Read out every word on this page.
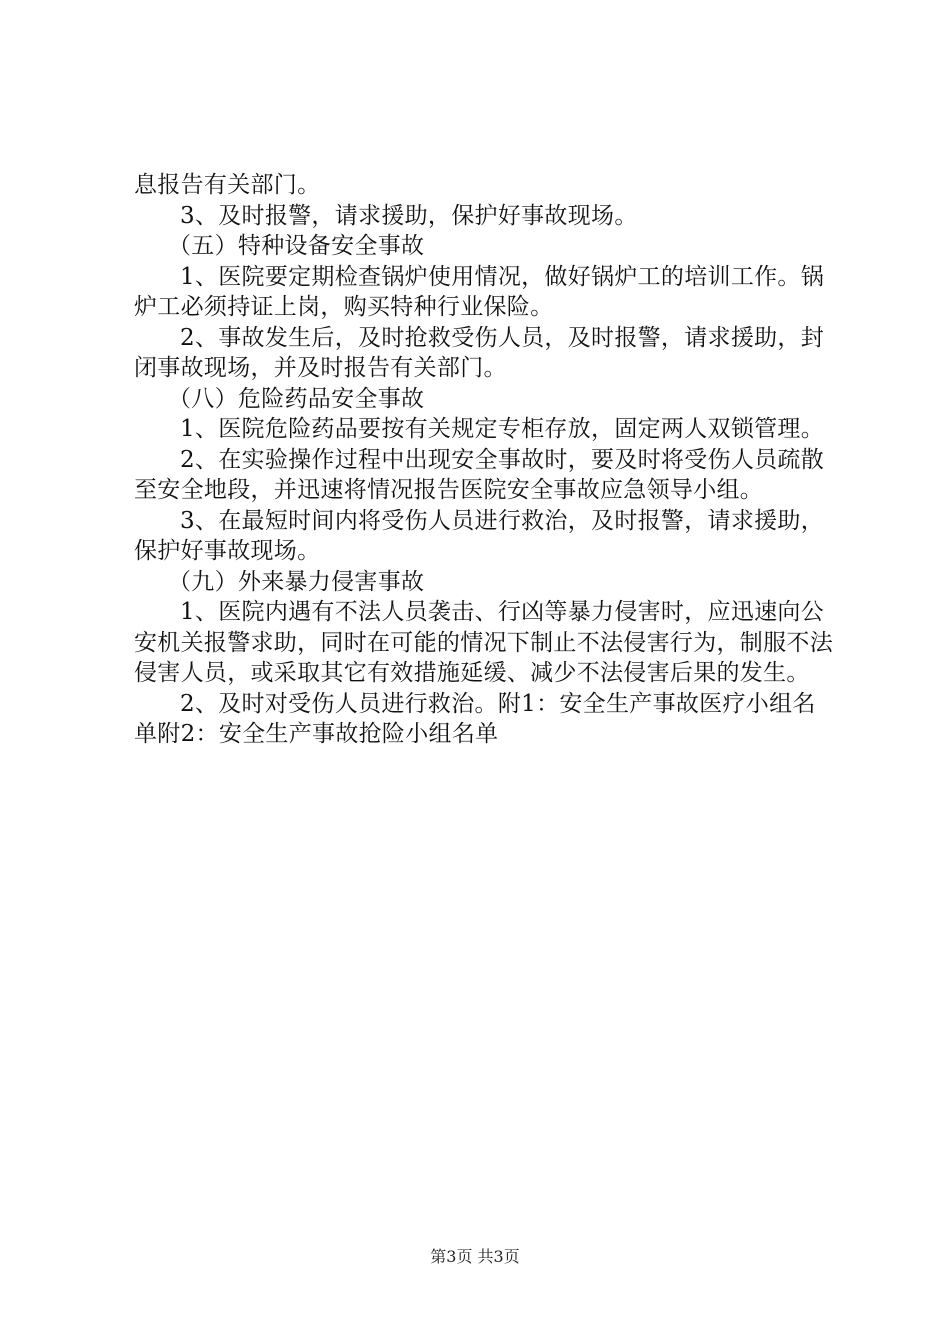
息报告有关部门。

3、及时报警，请求援助，保护好事故现场。

（五）特种设备安全事故

1、医院要定期检查锅炉使用情况，做好锅炉工的培训工作。锅炉工必须持证上岗，购买特种行业保险。

2、事故发生后，及时抢救受伤人员，及时报警，请求援助，封闭事故现场，并及时报告有关部门。

（八）危险药品安全事故

1、医院危险药品要按有关规定专柜存放，固定两人双锁管理。

2、在实验操作过程中出现安全事故时，要及时将受伤人员疏散至安全地段，并迅速将情况报告医院安全事故应急领导小组。

3、在最短时间内将受伤人员进行救治，及时报警，请求援助，保护好事故现场。

（九）外来暴力侵害事故

1、医院内遇有不法人员袭击、行凶等暴力侵害时，应迅速向公安机关报警求助，同时在可能的情况下制止不法侵害行为，制服不法侵害人员，或采取其它有效措施延缓、减少不法侵害后果的发生。

2、及时对受伤人员进行救治。附1：安全生产事故医疗小组名单附2：安全生产事故抢险小组名单

第3页 共3页
